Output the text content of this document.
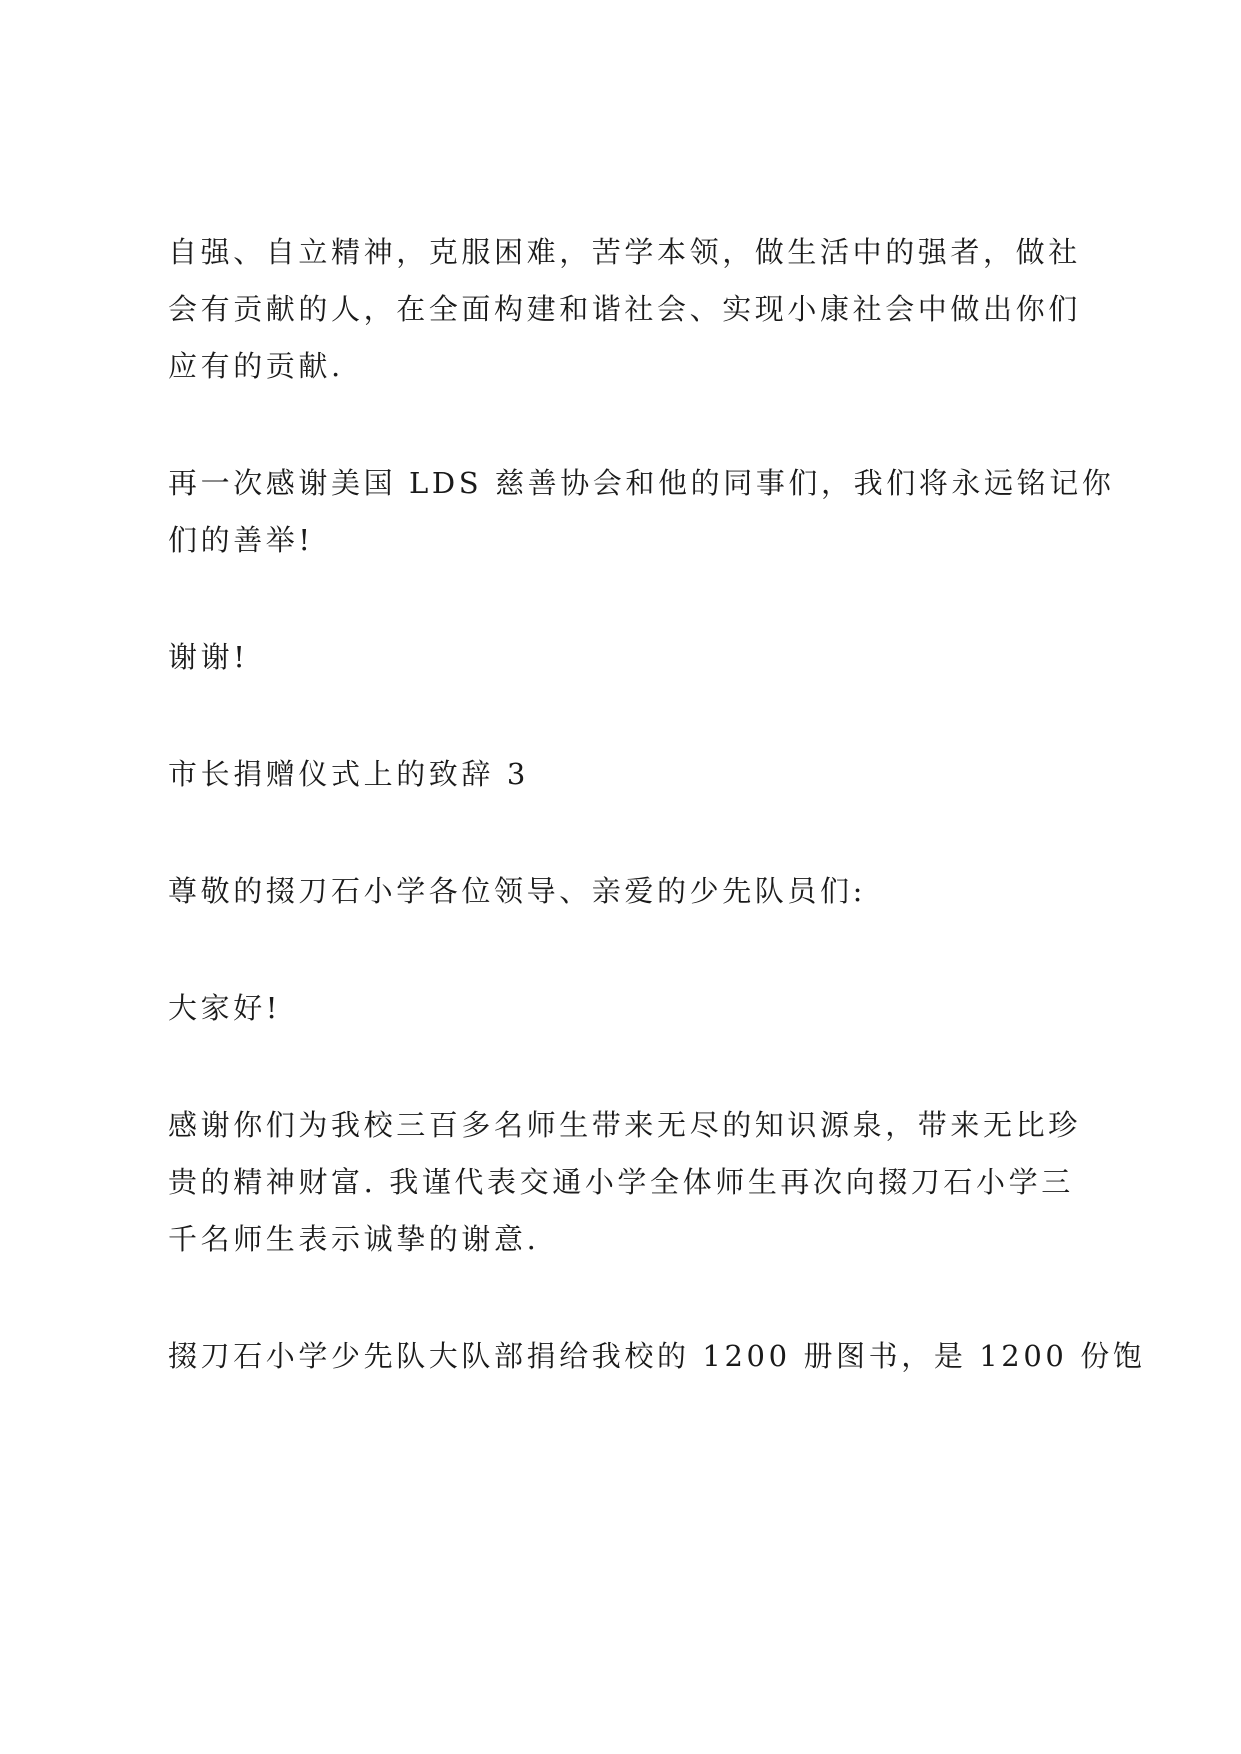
自强、自立精神，克服困难，苦学本领，做生活中的强者，做社
会有贡献的人，在全面构建和谐社会、实现小康社会中做出你们
应有的贡献.

再一次感谢美国 LDS 慈善协会和他的同事们，我们将永远铭记你
们的善举!

谢谢!

市长捐赠仪式上的致辞 3

尊敬的掇刀石小学各位领导、亲爱的少先队员们:

大家好!

感谢你们为我校三百多名师生带来无尽的知识源泉，带来无比珍
贵的精神财富. 我谨代表交通小学全体师生再次向掇刀石小学三
千名师生表示诚挚的谢意.

掇刀石小学少先队大队部捐给我校的 1200 册图书，是 1200 份饱
